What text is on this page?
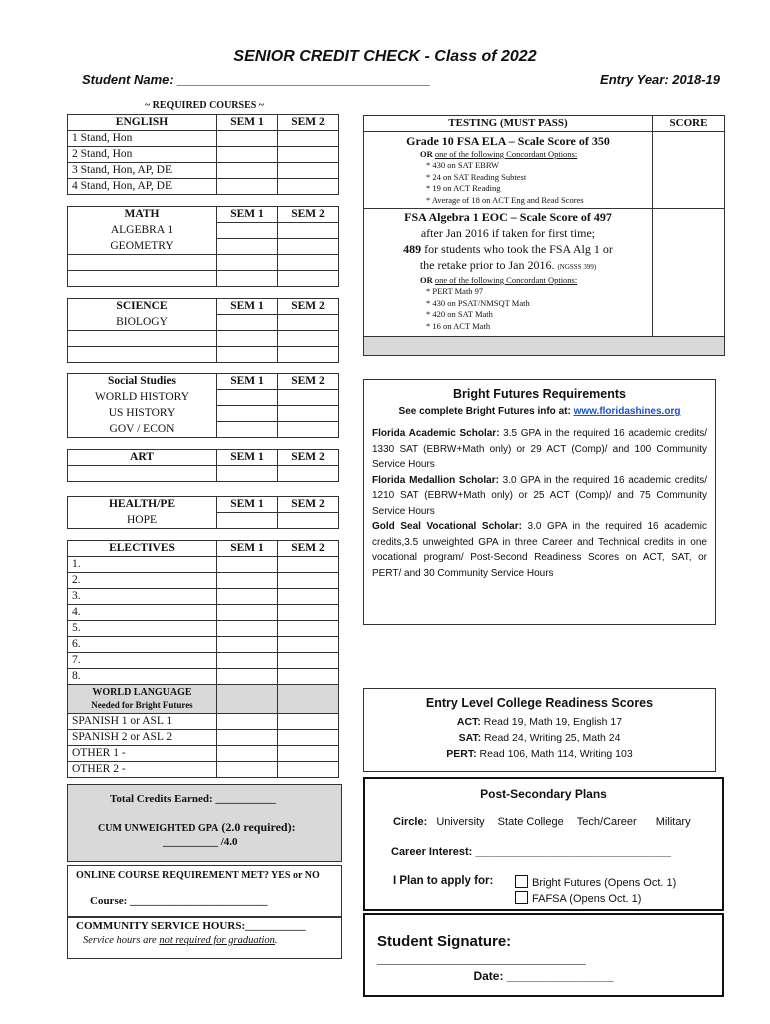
SENIOR CREDIT CHECK - Class of 2022
Student Name: ___________________________________	Entry Year: 2018-19
~ REQUIRED COURSES ~
ENGLISH	SEM 1	SEM 2
1 Stand, Hon		
2 Stand, Hon		
3 Stand, Hon, AP, DE		
4 Stand, Hon, AP, DE		
MATH	SEM 1	SEM 2
ALGEBRA 1		
GEOMETRY		

SCIENCE	SEM 1	SEM 2
BIOLOGY		

Social Studies	SEM 1	SEM 2
WORLD HISTORY		
US HISTORY		
GOV / ECON		
ART	SEM 1	SEM 2

HEALTH/PE	SEM 1	SEM 2
HOPE		
ELECTIVES	SEM 1	SEM 2
1.		
2.		
3.		
4.		
5.		
6.		
7.		
8.		

WORLD LANGUAGE
Needed for Bright Futures		

SPANISH 1 or ASL 1		
SPANISH 2 or ASL 2		
OTHER 1 -		
OTHER 2 -		
TESTING (MUST PASS)	SCORE
Grade 10 FSA ELA – Scale Score of 350
OR one of the following Concordant Options:
* 430 on SAT EBRW
* 24 on SAT Reading Subtest
* 19 on ACT Reading
* Average of 18 on ACT Eng and Read Scores
FSA Algebra 1 EOC – Scale Score of 497
after Jan 2016 if taken for first time;
489 for students who took the FSA Alg 1 or
the retake prior to Jan 2016. (NGSSS 399)
OR one of the following Concordant Options:
* PERT Math 97
* 430 on PSAT/NMSQT Math
* 420 on SAT Math
* 16 on ACT Math
Bright Futures Requirements
See complete Bright Futures info at: www.floridashines.org
Florida Academic Scholar: 3.5 GPA in the required 16 academic credits/ 1330 SAT (EBRW+Math only) or 29 ACT (Comp)/ and 100 Community Service Hours
Florida Medallion Scholar: 3.0 GPA in the required 16 academic credits/ 1210 SAT (EBRW+Math only) or 25 ACT (Comp)/ and 75 Community Service Hours
Gold Seal Vocational Scholar: 3.0 GPA in the required 16 academic credits,3.5 unweighted GPA in three Career and Technical credits in one vocational program/ Post-Second Readiness Scores on ACT, SAT, or PERT/ and 30 Community Service Hours
Entry Level College Readiness Scores
ACT: Read 19, Math 19, English 17
SAT: Read 24, Writing 25, Math 24
PERT: Read 106, Math 114, Writing 103
Post-Secondary Plans
Circle: University State College Tech/Career Military
Career Interest: ________________________________
I Plan to apply for:	Bright Futures (Opens Oct. 1)
FAFSA (Opens Oct. 1)
Student Signature: _________________________
Date: ________________
Total Credits Earned: ___________
CUM UNWEIGHTED GPA (2.0 required):
__________ /4.0
ONLINE COURSE REQUIREMENT MET? YES or NO
Course: _________________________
COMMUNITY SERVICE HOURS:___________
Service hours are not required for graduation.
